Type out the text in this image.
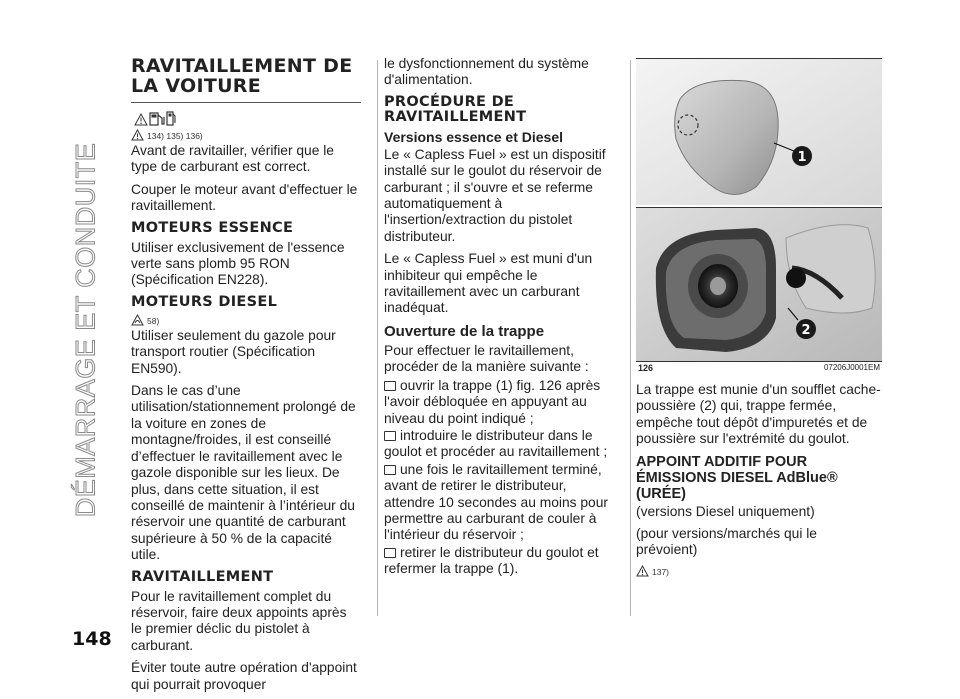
DÉMARRAGE ET CONDUITE
148
RAVITAILLEMENT DE LA VOITURE
134) 135) 136)

Avant de ravitailler, vérifier que le type de carburant est correct.

Couper le moteur avant d'effectuer le ravitaillement.

MOTEURS ESSENCE

Utiliser exclusivement de l'essence verte sans plomb 95 RON (Spécification EN228).

MOTEURS DIESEL
58)

Utiliser seulement du gazole pour transport routier (Spécification EN590).

Dans le cas d’une utilisation/stationnement prolongé de la voiture en zones de montagne/froides, il est conseillé d’effectuer le ravitaillement avec le gazole disponible sur les lieux. De plus, dans cette situation, il est conseillé de maintenir à l’intérieur du réservoir une quantité de carburant supérieure à 50 % de la capacité utile.

RAVITAILLEMENT

Pour le ravitaillement complet du réservoir, faire deux appoints après le premier déclic du pistolet à carburant.

Éviter toute autre opération d'appoint qui pourrait provoquer

le dysfonctionnement du système d'alimentation.

PROCÉDURE DE RAVITAILLEMENT
Versions essence et Diesel

Le « Capless Fuel » est un dispositif installé sur le goulot du réservoir de carburant ; il s'ouvre et se referme automatiquement à l'insertion/extraction du pistolet distributeur.

Le « Capless Fuel » est muni d'un inhibiteur qui empêche le ravitaillement avec un carburant inadéquat.

Ouverture de la trappe

Pour effectuer le ravitaillement, procéder de la manière suivante :

ouvrir la trappe (1) fig. 126 après l'avoir débloquée en appuyant au niveau du point indiqué ;
introduire le distributeur dans le goulot et procéder au ravitaillement ;
une fois le ravitaillement terminé, avant de retirer le distributeur, attendre 10 secondes au moins pour permettre au carburant de couler à l'intérieur du réservoir ;
retirer le distributeur du goulot et refermer la trappe (1).
1
2
126	07206J0001EM

La trappe est munie d'un soufflet cache-poussière (2) qui, trappe fermée, empêche tout dépôt d'impuretés et de poussière sur l'extrémité du goulot.

APPOINT ADDITIF POUR ÉMISSIONS DIESEL AdBlue® (URÉE)

(versions Diesel uniquement)

(pour versions/marchés qui le prévoient)

137)
